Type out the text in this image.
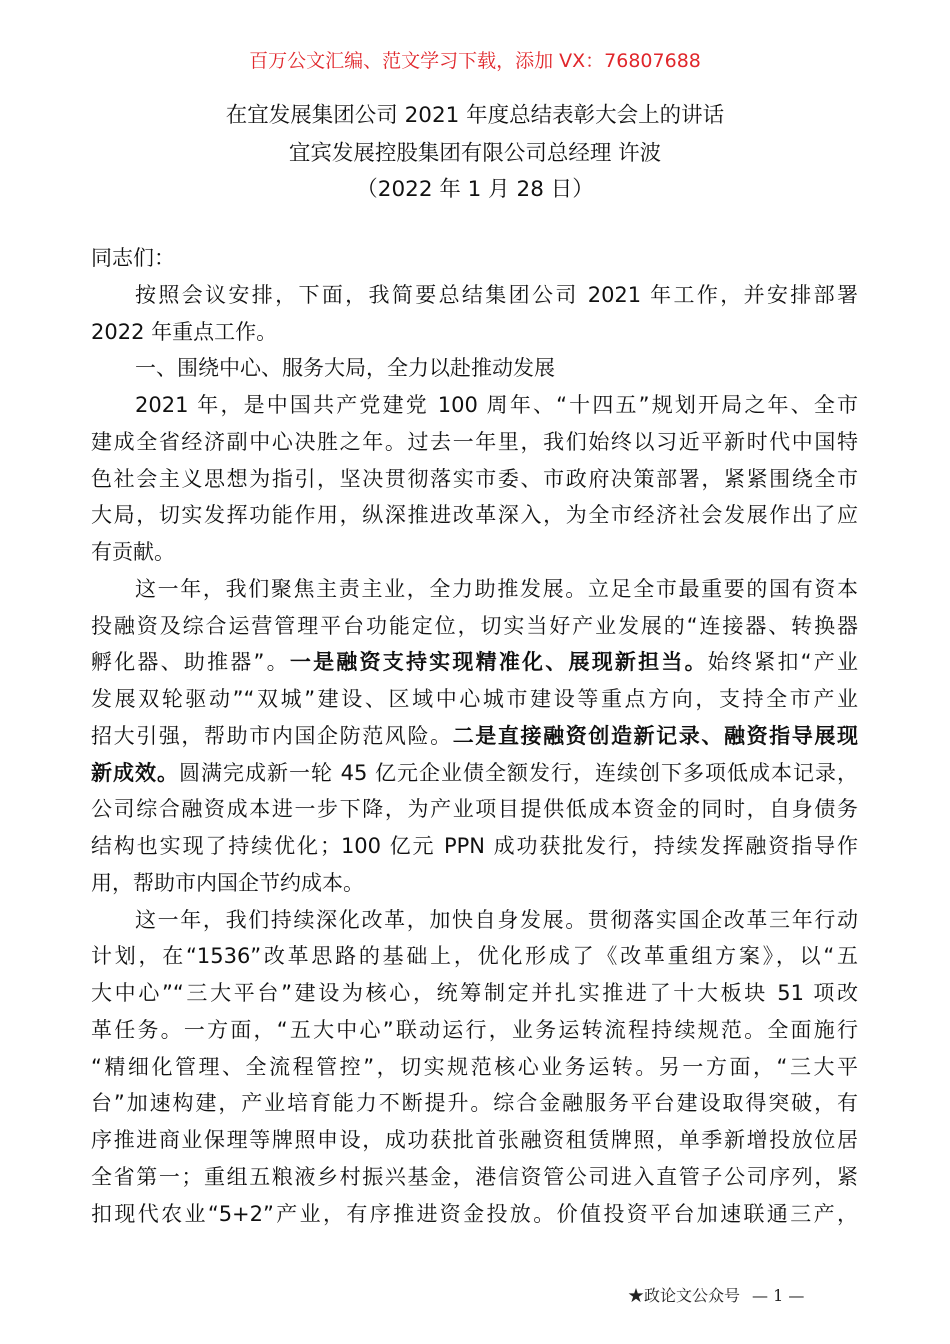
百万公文汇编、范文学习下载，添加 VX：76807688
在宜发展集团公司 2021 年度总结表彰大会上的讲话
宜宾发展控股集团有限公司总经理 许波
（2022 年 1 月 28 日）
同志们：
按照会议安排，下面，我简要总结集团公司 2021 年工作，并安排部署
2022 年重点工作。
一、围绕中心、服务大局，全力以赴推动发展
2021 年，是中国共产党建党 100 周年、“十四五”规划开局之年、全市
建成全省经济副中心决胜之年。过去一年里，我们始终以习近平新时代中国特
色社会主义思想为指引，坚决贯彻落实市委、市政府决策部署，紧紧围绕全市
大局，切实发挥功能作用，纵深推进改革深入，为全市经济社会发展作出了应
有贡献。
这一年，我们聚焦主责主业，全力助推发展。立足全市最重要的国有资本
投融资及综合运营管理平台功能定位，切实当好产业发展的“连接器、转换器
孵化器、助推器”。一是融资支持实现精准化、展现新担当。始终紧扣“产业
发展双轮驱动”“双城”建设、区域中心城市建设等重点方向，支持全市产业
招大引强，帮助市内国企防范风险。二是直接融资创造新记录、融资指导展现
新成效。圆满完成新一轮 45 亿元企业债全额发行，连续创下多项低成本记录，
公司综合融资成本进一步下降，为产业项目提供低成本资金的同时，自身债务
结构也实现了持续优化；100 亿元 PPN 成功获批发行，持续发挥融资指导作
用，帮助市内国企节约成本。
这一年，我们持续深化改革，加快自身发展。贯彻落实国企改革三年行动
计划，在“1536”改革思路的基础上，优化形成了《改革重组方案》，以“五
大中心”“三大平台”建设为核心，统筹制定并扎实推进了十大板块 51 项改
革任务。一方面，“五大中心”联动运行，业务运转流程持续规范。全面施行
“精细化管理、全流程管控”，切实规范核心业务运转。另一方面，“三大平
台”加速构建，产业培育能力不断提升。综合金融服务平台建设取得突破，有
序推进商业保理等牌照申设，成功获批首张融资租赁牌照，单季新增投放位居
全省第一；重组五粮液乡村振兴基金，港信资管公司进入直管子公司序列，紧
扣现代农业“5+2”产业，有序推进资金投放。价值投资平台加速联通三产，
★政论文公众号 — 1 —
